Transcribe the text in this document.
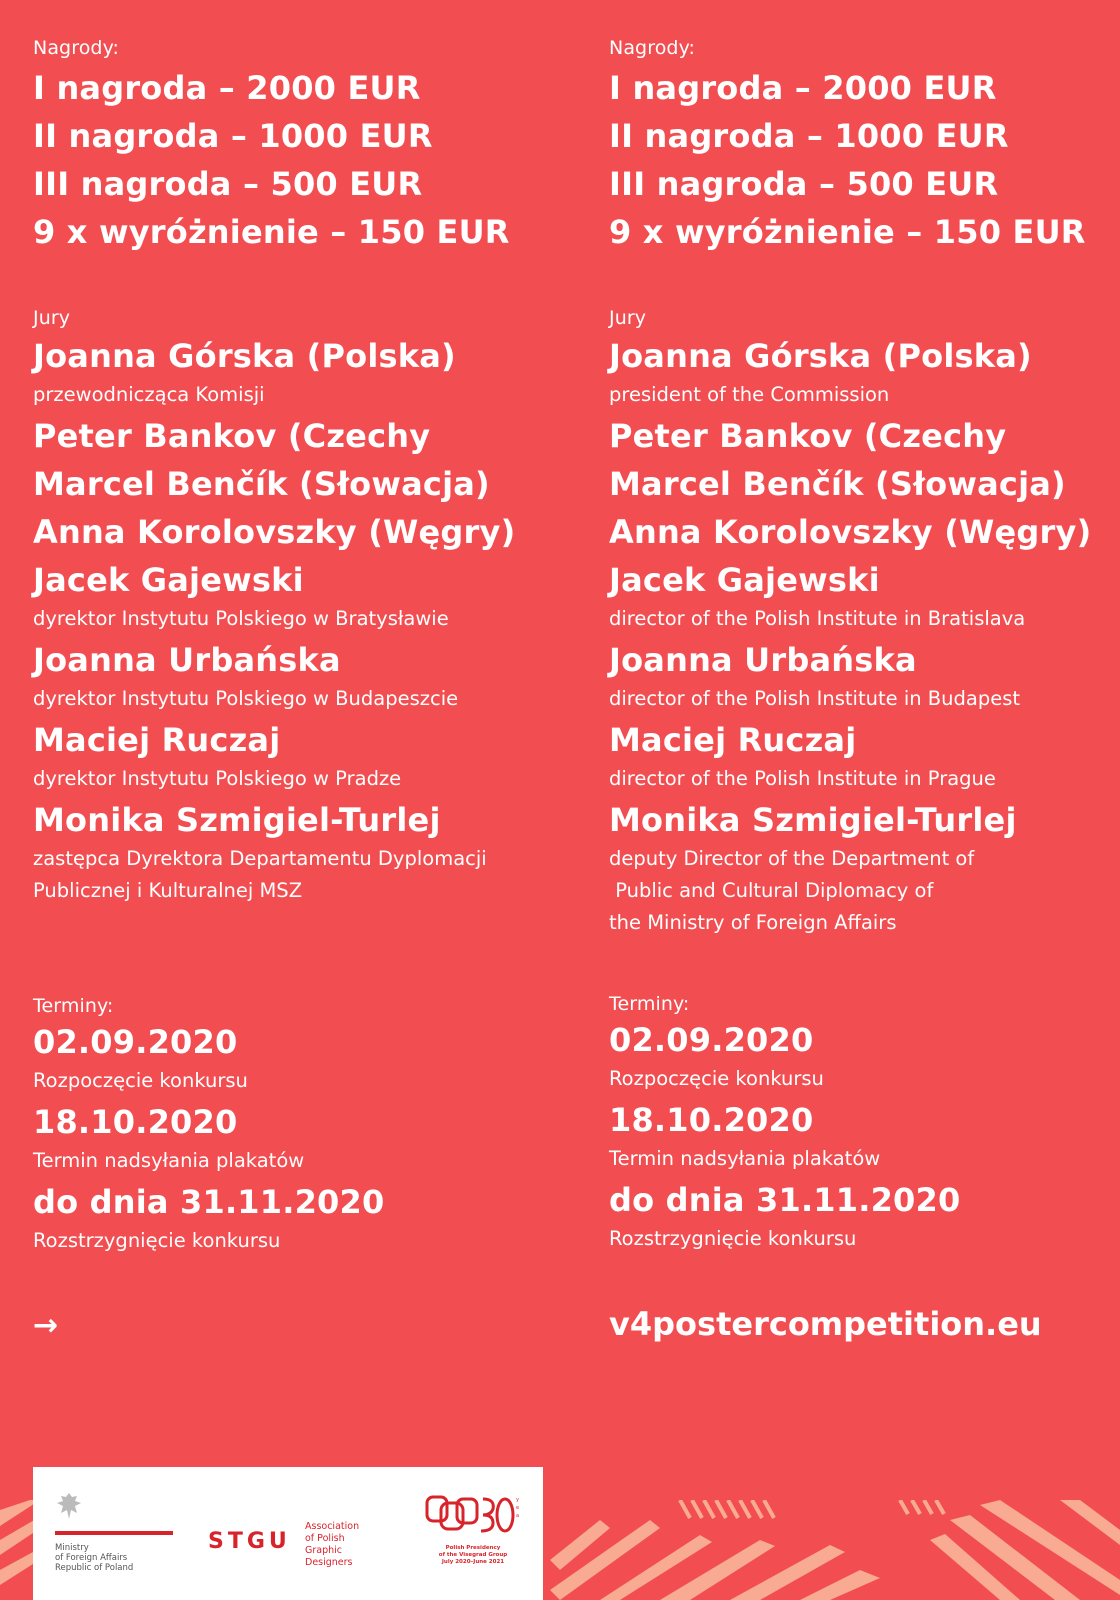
Nagrody:
I nagroda – 2000 EUR
II nagroda – 1000 EUR
III nagroda – 500 EUR
9 x wyróżnienie – 150 EUR
Jury
Joanna Górska (Polska)
przewodnicząca Komisji
Peter Bankov (Czechy
Marcel Benčík (Słowacja)
Anna Korolovszky (Węgry)
Jacek Gajewski
dyrektor Instytutu Polskiego w Bratysławie
Joanna Urbańska
dyrektor Instytutu Polskiego w Budapeszcie
Maciej Ruczaj
dyrektor Instytutu Polskiego w Pradze
Monika Szmigiel-Turlej
zastępca Dyrektora Departamentu Dyplomacji
Publicznej i Kulturalnej MSZ
Terminy:
02.09.2020
Rozpoczęcie konkursu
18.10.2020
Termin nadsyłania plakatów
do dnia 31.11.2020
Rozstrzygnięcie konkursu
→
Nagrody:
I nagroda – 2000 EUR
II nagroda – 1000 EUR
III nagroda – 500 EUR
9 x wyróżnienie – 150 EUR
Jury
Joanna Górska (Polska)
president of the Commission
Peter Bankov (Czechy
Marcel Benčík (Słowacja)
Anna Korolovszky (Węgry)
Jacek Gajewski
director of the Polish Institute in Bratislava
Joanna Urbańska
director of the Polish Institute in Budapest
Maciej Ruczaj
director of the Polish Institute in Prague
Monika Szmigiel-Turlej
deputy Director of the Department of
Public and Cultural Diplomacy of
the Ministry of Foreign Affairs
Terminy:
02.09.2020
Rozpoczęcie konkursu
18.10.2020
Termin nadsyłania plakatów
do dnia 31.11.2020
Rozstrzygnięcie konkursu
v4postercompetition.eu
Ministry
of Foreign Affairs
Republic of Poland
STGU
Association
of Polish
Graphic
Designers
y
e
a
Polish Presidency
of the Visegrad Group
July 2020–June 2021
